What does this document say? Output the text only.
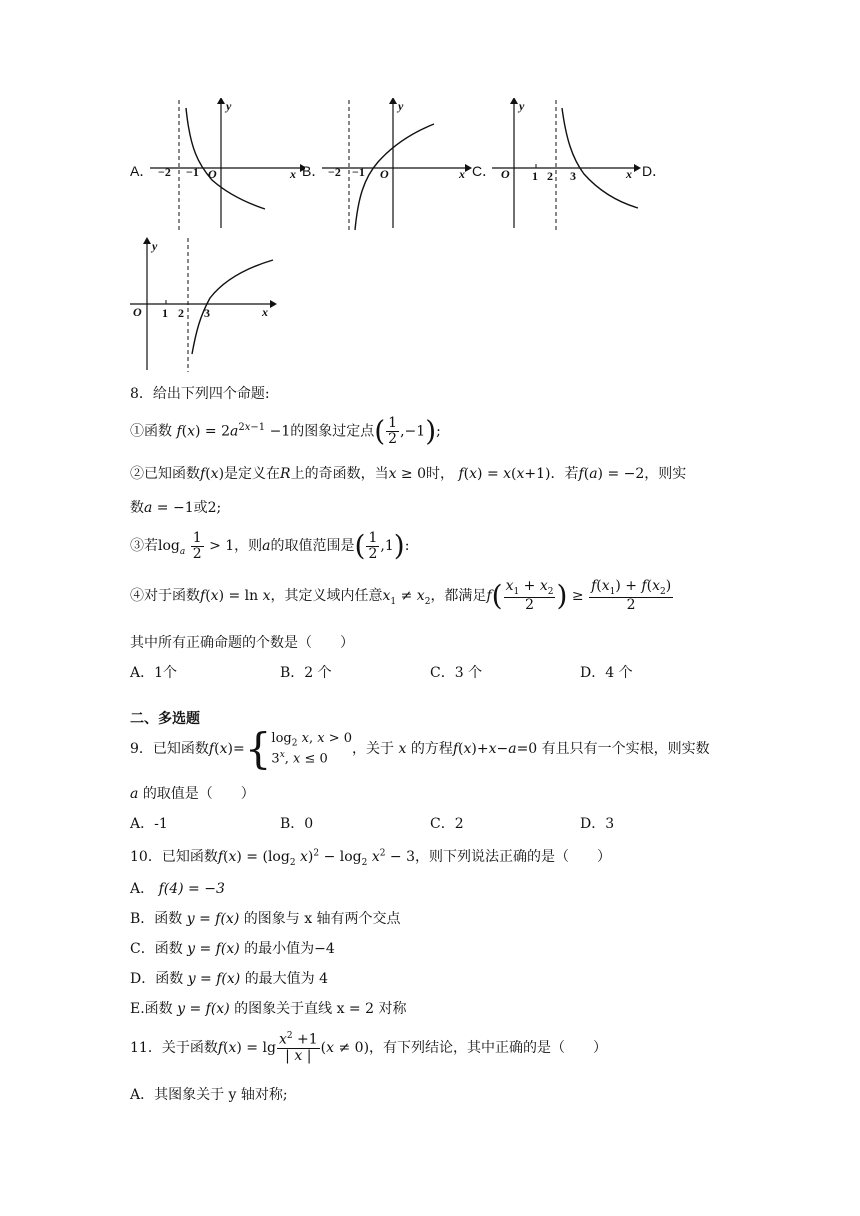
A． −2 −1 O	x
y
B． −2 −1 O	x
y
C． O 1 2 3	x
y
D．
O 1 2 3	x
y
8．给出下列四个命题:
①函数 $f(x) = 2a^{2x-1} -1$的图象过定点( $\frac{1}{2} ,-1$);
②已知函数f(x)是定义在R上的奇函数，当x ≥ 0时， f(x) = x(x+1)．若f(a) = −2，则实
数a = −1或2;
③若$\log_a \frac{1}{2} > 1$，则a的取值范围是( $\frac{1}{2} ,1$):
④对于函数f(x) = ln x，其定义域内任意$x_1 \ne x_2$，都满足$f( \frac{x_1 + x_2}{2}$ ) ≥ $\frac{f(x_1) + f(x_2)}{2}$
其中所有正确命题的个数是（　　）
A．1个	B．2 个	C．3 个	D．4 个
二、多选题
9．已知函数$f(x)=\{\log_2$ x, x > 0
3$^x$, x ≤ 0，关于 x 的方程f(x)+x−a=0 有且只有一个实根，则实数
a 的取值是（　　）
A．-1	B．0	C．2	D．3
10．已知函数$f(x) = (\log_2$ $x)^2 - \log_2 x^2 - 3$，则下列说法正确的是（　　）
A． f(4) = −3
B．函数 y = f(x) 的图象与 x 轴有两个交点
C．函数 y = f(x) 的最小值为−4
D．函数 y = f(x) 的最大值为 4
E.函数 y = f(x) 的图象关于直线 x = 2 对称
11．关于函数$f(x) = \lg \frac{x^2 +1}{| x |} (x \ne 0)$，有下列结论，其中正确的是（　　）
A．其图象关于 y 轴对称;
